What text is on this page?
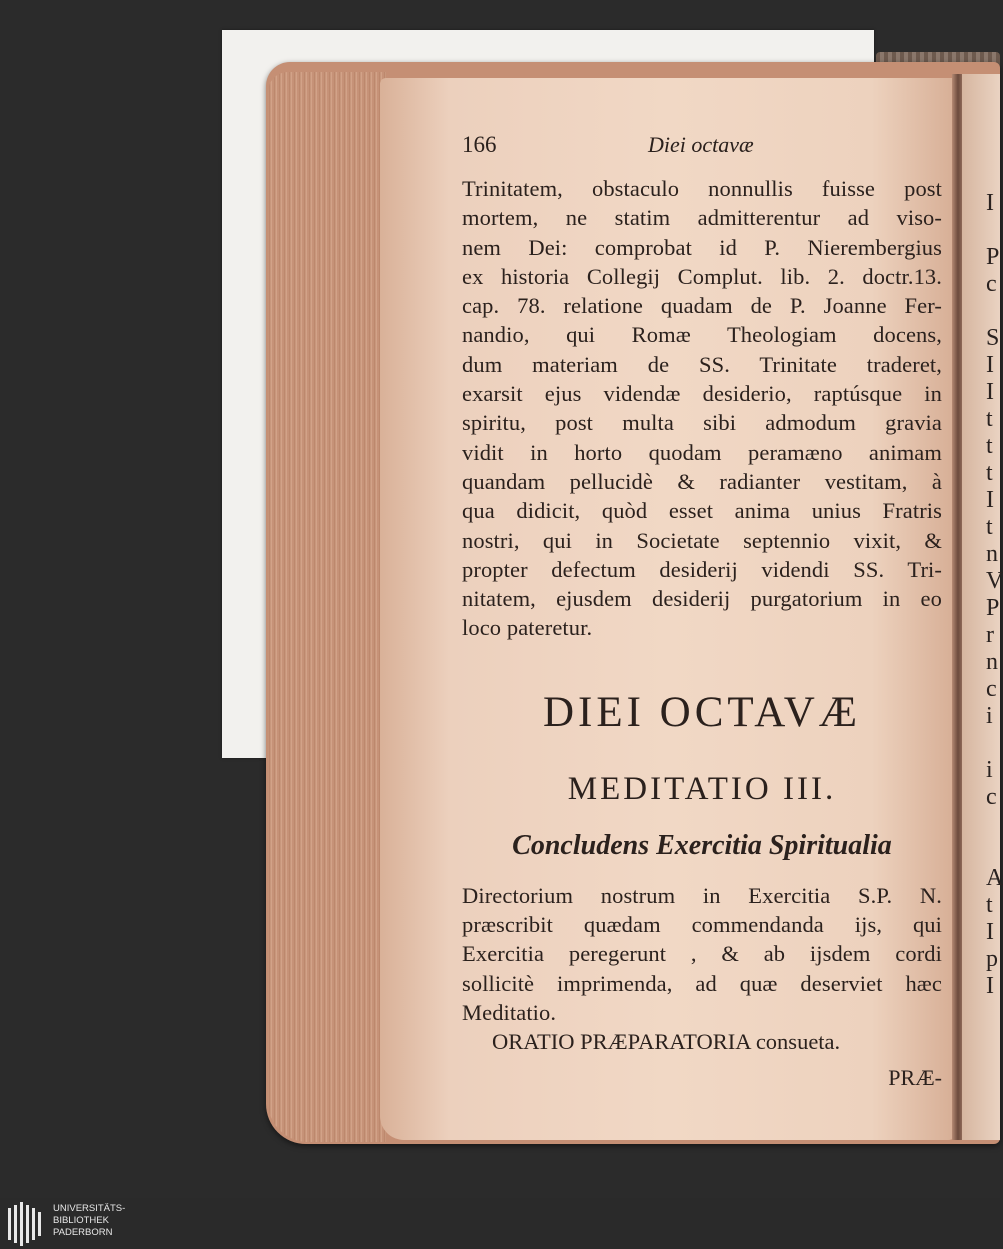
I
P
c
S
I
I
t
t
t
I
t
n
V
P
r
n
c
i
i
c
A
t
I
p
I
166	Diei octavæ
Trinitatem, obstaculo nonnullis fuisse post
mortem, ne statim admitterentur ad viso-
nem Dei: comprobat id P. Nierembergius
ex historia Collegij Complut. lib. 2. doctr.13.
cap. 78. relatione quadam de P. Joanne Fer-
nandio, qui Romæ Theologiam docens,
dum materiam de SS. Trinitate traderet,
exarsit ejus videndæ desiderio, raptúsque in
spiritu, post multa sibi admodum gravia
vidit in horto quodam peramæno animam
quandam pellucidè & radianter vestitam, à
qua didicit, quòd esset anima unius Fratris
nostri, qui in Societate septennio vixit, &
propter defectum desiderij videndi SS. Tri-
nitatem, ejusdem desiderij purgatorium in eo
loco pateretur.
DIEI OCTAVÆ
MEDITATIO III.
Concludens Exercitia Spiritualia
Directorium nostrum in Exercitia S.P. N.
præscribit quædam commendanda ijs, qui
Exercitia peregerunt , & ab ijsdem cordi
sollicitè imprimenda, ad quæ deserviet hæc
Meditatio.
ORATIO PRÆPARATORIA consueta.
PRÆ-
UNIVERSITÄTS-
BIBLIOTHEK
PADERBORN
